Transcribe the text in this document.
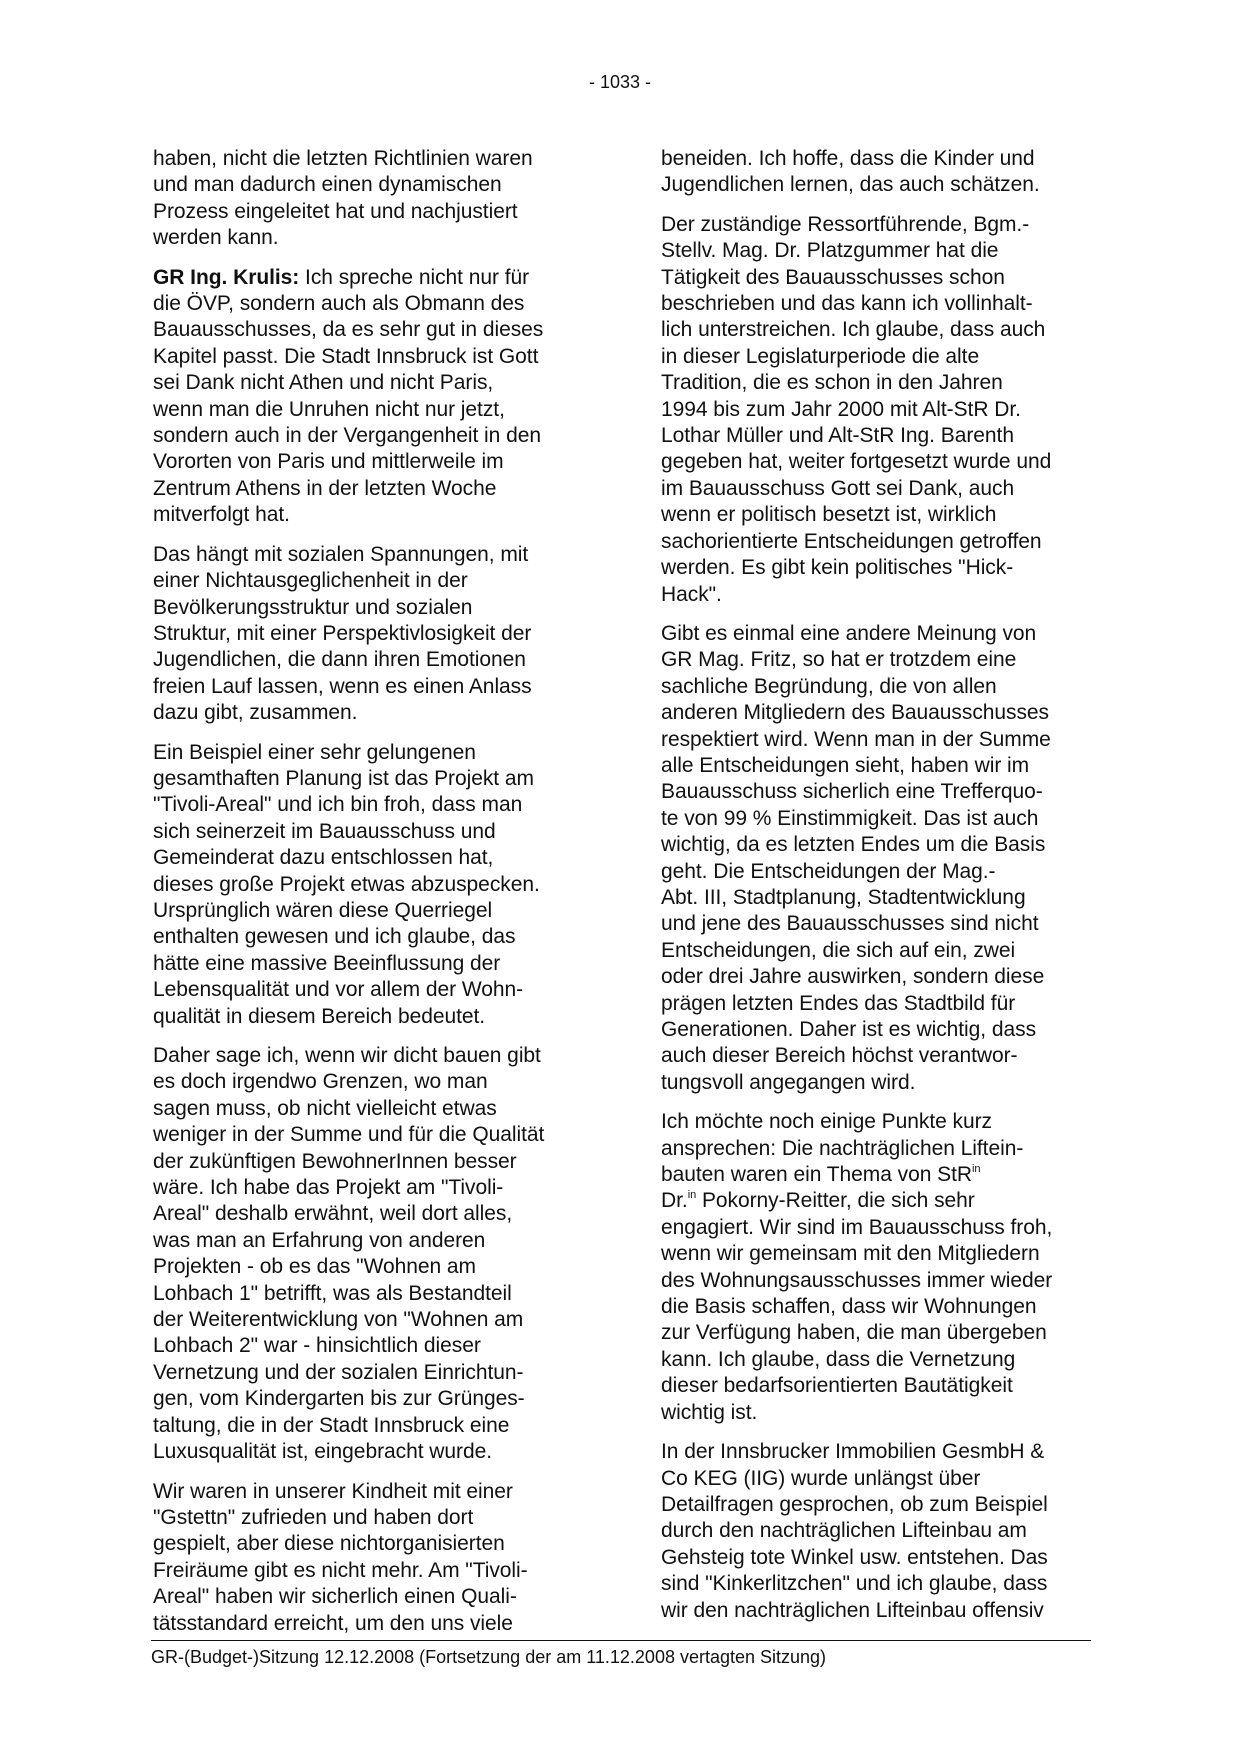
- 1033 -

haben, nicht die letzten Richtlinien waren
und man dadurch einen dynamischen
Prozess eingeleitet hat und nachjustiert
werden kann.

GR Ing. Krulis: Ich spreche nicht nur für
die ÖVP, sondern auch als Obmann des
Bauausschusses, da es sehr gut in dieses
Kapitel passt. Die Stadt Innsbruck ist Gott
sei Dank nicht Athen und nicht Paris,
wenn man die Unruhen nicht nur jetzt,
sondern auch in der Vergangenheit in den
Vororten von Paris und mittlerweile im
Zentrum Athens in der letzten Woche
mitverfolgt hat.

Das hängt mit sozialen Spannungen, mit
einer Nichtausgeglichenheit in der
Bevölkerungsstruktur und sozialen
Struktur, mit einer Perspektivlosigkeit der
Jugendlichen, die dann ihren Emotionen
freien Lauf lassen, wenn es einen Anlass
dazu gibt, zusammen.

Ein Beispiel einer sehr gelungenen
gesamthaften Planung ist das Projekt am
"Tivoli-Areal" und ich bin froh, dass man
sich seinerzeit im Bauausschuss und
Gemeinderat dazu entschlossen hat,
dieses große Projekt etwas abzuspecken.
Ursprünglich wären diese Querriegel
enthalten gewesen und ich glaube, das
hätte eine massive Beeinflussung der
Lebensqualität und vor allem der Wohn-
qualität in diesem Bereich bedeutet.

Daher sage ich, wenn wir dicht bauen gibt
es doch irgendwo Grenzen, wo man
sagen muss, ob nicht vielleicht etwas
weniger in der Summe und für die Qualität
der zukünftigen BewohnerInnen besser
wäre. Ich habe das Projekt am "Tivoli-
Areal" deshalb erwähnt, weil dort alles,
was man an Erfahrung von anderen
Projekten - ob es das "Wohnen am
Lohbach 1" betrifft, was als Bestandteil
der Weiterentwicklung von "Wohnen am
Lohbach 2" war - hinsichtlich dieser
Vernetzung und der sozialen Einrichtun-
gen, vom Kindergarten bis zur Grünges-
taltung, die in der Stadt Innsbruck eine
Luxusqualität ist, eingebracht wurde.

Wir waren in unserer Kindheit mit einer
"Gstettn" zufrieden und haben dort
gespielt, aber diese nichtorganisierten
Freiräume gibt es nicht mehr. Am "Tivoli-
Areal" haben wir sicherlich einen Quali-
tätsstandard erreicht, um den uns viele

beneiden. Ich hoffe, dass die Kinder und
Jugendlichen lernen, das auch schätzen.

Der zuständige Ressortführende, Bgm.-
Stellv. Mag. Dr. Platzgummer hat die
Tätigkeit des Bauausschusses schon
beschrieben und das kann ich vollinhalt-
lich unterstreichen. Ich glaube, dass auch
in dieser Legislaturperiode die alte
Tradition, die es schon in den Jahren
1994 bis zum Jahr 2000 mit Alt-StR Dr.
Lothar Müller und Alt-StR Ing. Barenth
gegeben hat, weiter fortgesetzt wurde und
im Bauausschuss Gott sei Dank, auch
wenn er politisch besetzt ist, wirklich
sachorientierte Entscheidungen getroffen
werden. Es gibt kein politisches "Hick-
Hack".

Gibt es einmal eine andere Meinung von
GR Mag. Fritz, so hat er trotzdem eine
sachliche Begründung, die von allen
anderen Mitgliedern des Bauausschusses
respektiert wird. Wenn man in der Summe
alle Entscheidungen sieht, haben wir im
Bauausschuss sicherlich eine Trefferquo-
te von 99 % Einstimmigkeit. Das ist auch
wichtig, da es letzten Endes um die Basis
geht. Die Entscheidungen der Mag.-
Abt. III, Stadtplanung, Stadtentwicklung
und jene des Bauausschusses sind nicht
Entscheidungen, die sich auf ein, zwei
oder drei Jahre auswirken, sondern diese
prägen letzten Endes das Stadtbild für
Generationen. Daher ist es wichtig, dass
auch dieser Bereich höchst verantwor-
tungsvoll angegangen wird.

Ich möchte noch einige Punkte kurz
ansprechen: Die nachträglichen Liftein-
bauten waren ein Thema von StR$^{in}$
Dr.$^{in}$ Pokorny-Reitter, die sich sehr
engagiert. Wir sind im Bauausschuss froh,
wenn wir gemeinsam mit den Mitgliedern
des Wohnungsausschusses immer wieder
die Basis schaffen, dass wir Wohnungen
zur Verfügung haben, die man übergeben
kann. Ich glaube, dass die Vernetzung
dieser bedarfsorientierten Bautätigkeit
wichtig ist.

In der Innsbrucker Immobilien GesmbH &
Co KEG (IIG) wurde unlängst über
Detailfragen gesprochen, ob zum Beispiel
durch den nachträglichen Lifteinbau am
Gehsteig tote Winkel usw. entstehen. Das
sind "Kinkerlitzchen" und ich glaube, dass
wir den nachträglichen Lifteinbau offensiv

GR-(Budget-)Sitzung 12.12.2008 (Fortsetzung der am 11.12.2008 vertagten Sitzung)
